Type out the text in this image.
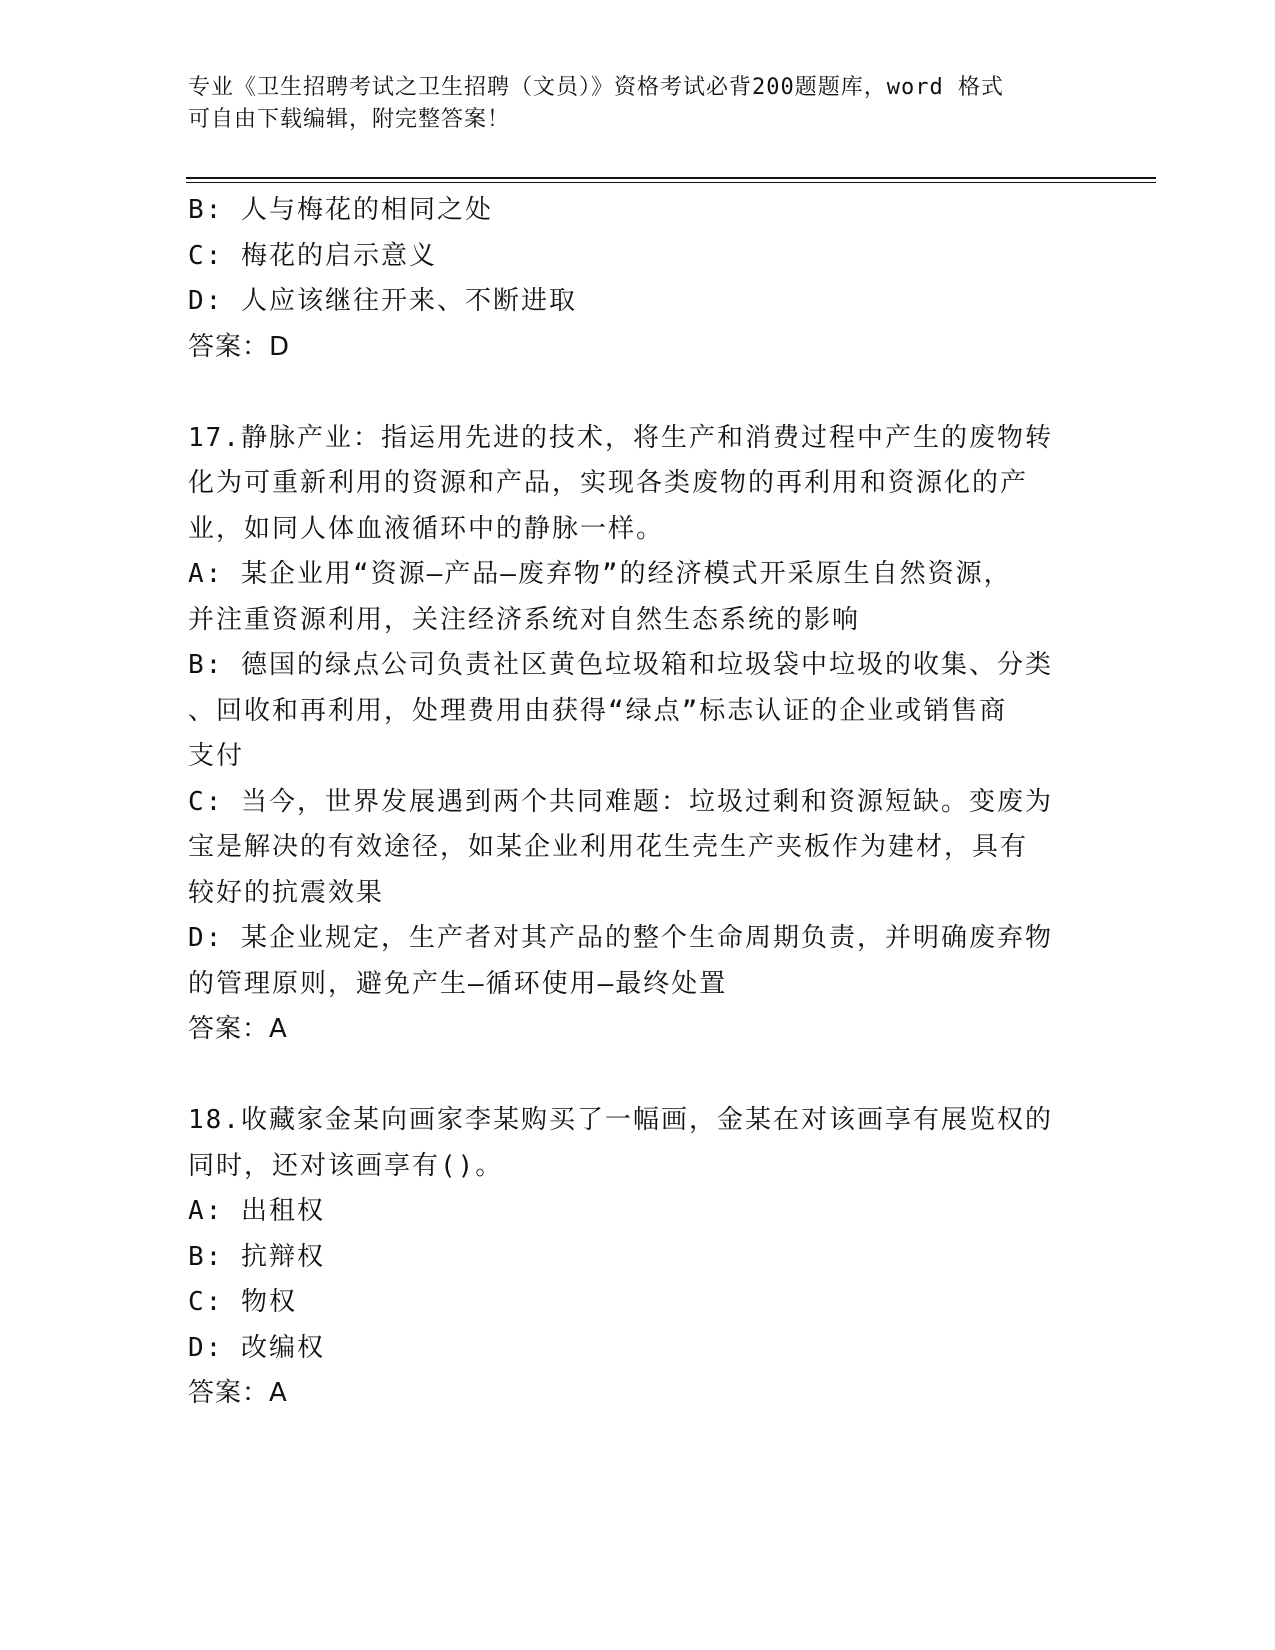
专业《卫生招聘考试之卫生招聘（文员）》资格考试必背200题题库，word 格式
可自由下载编辑，附完整答案！
B: 人与梅花的相同之处
C: 梅花的启示意义
D: 人应该继往开来、不断进取
答案：D
17.静脉产业：指运用先进的技术，将生产和消费过程中产生的废物转
化为可重新利用的资源和产品，实现各类废物的再利用和资源化的产
业，如同人体血液循环中的静脉一样。
A: 某企业用“资源—产品—废弃物”的经济模式开采原生自然资源，
并注重资源利用，关注经济系统对自然生态系统的影响
B: 德国的绿点公司负责社区黄色垃圾箱和垃圾袋中垃圾的收集、分类
、回收和再利用，处理费用由获得“绿点”标志认证的企业或销售商
支付
C: 当今，世界发展遇到两个共同难题：垃圾过剩和资源短缺。变废为
宝是解决的有效途径，如某企业利用花生壳生产夹板作为建材，具有
较好的抗震效果
D: 某企业规定，生产者对其产品的整个生命周期负责，并明确废弃物
的管理原则，避免产生—循环使用—最终处置
答案：A
18.收藏家金某向画家李某购买了一幅画，金某在对该画享有展览权的
同时，还对该画享有()。
A: 出租权
B: 抗辩权
C: 物权
D: 改编权
答案：A
